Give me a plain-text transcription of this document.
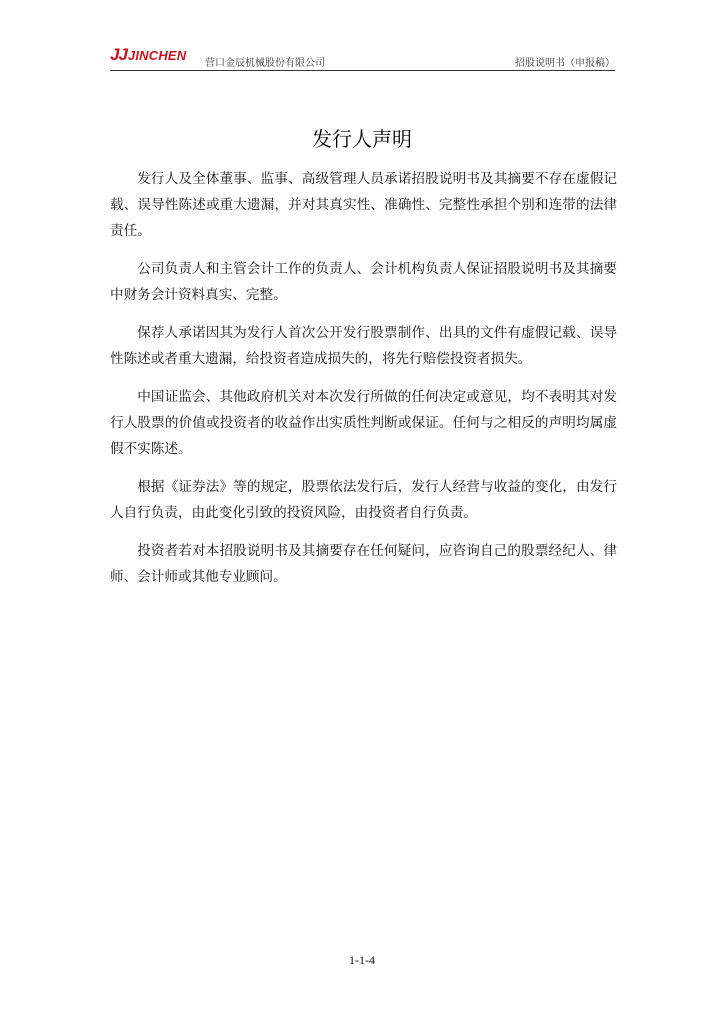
JJ JINCHEN
营口金辰机械股份有限公司	招股说明书（申报稿）
发行人声明

发行人及全体董事、监事、高级管理人员承诺招股说明书及其摘要不存在虚假记载、误导性陈述或重大遗漏，并对其真实性、准确性、完整性承担个别和连带的法律责任。

公司负责人和主管会计工作的负责人、会计机构负责人保证招股说明书及其摘要中财务会计资料真实、完整。

保荐人承诺因其为发行人首次公开发行股票制作、出具的文件有虚假记载、误导性陈述或者重大遗漏，给投资者造成损失的，将先行赔偿投资者损失。

中国证监会、其他政府机关对本次发行所做的任何决定或意见，均不表明其对发行人股票的价值或投资者的收益作出实质性判断或保证。任何与之相反的声明均属虚假不实陈述。

根据《证券法》等的规定，股票依法发行后，发行人经营与收益的变化，由发行人自行负责，由此变化引致的投资风险，由投资者自行负责。

投资者若对本招股说明书及其摘要存在任何疑问，应咨询自己的股票经纪人、律师、会计师或其他专业顾问。

1-1-4
